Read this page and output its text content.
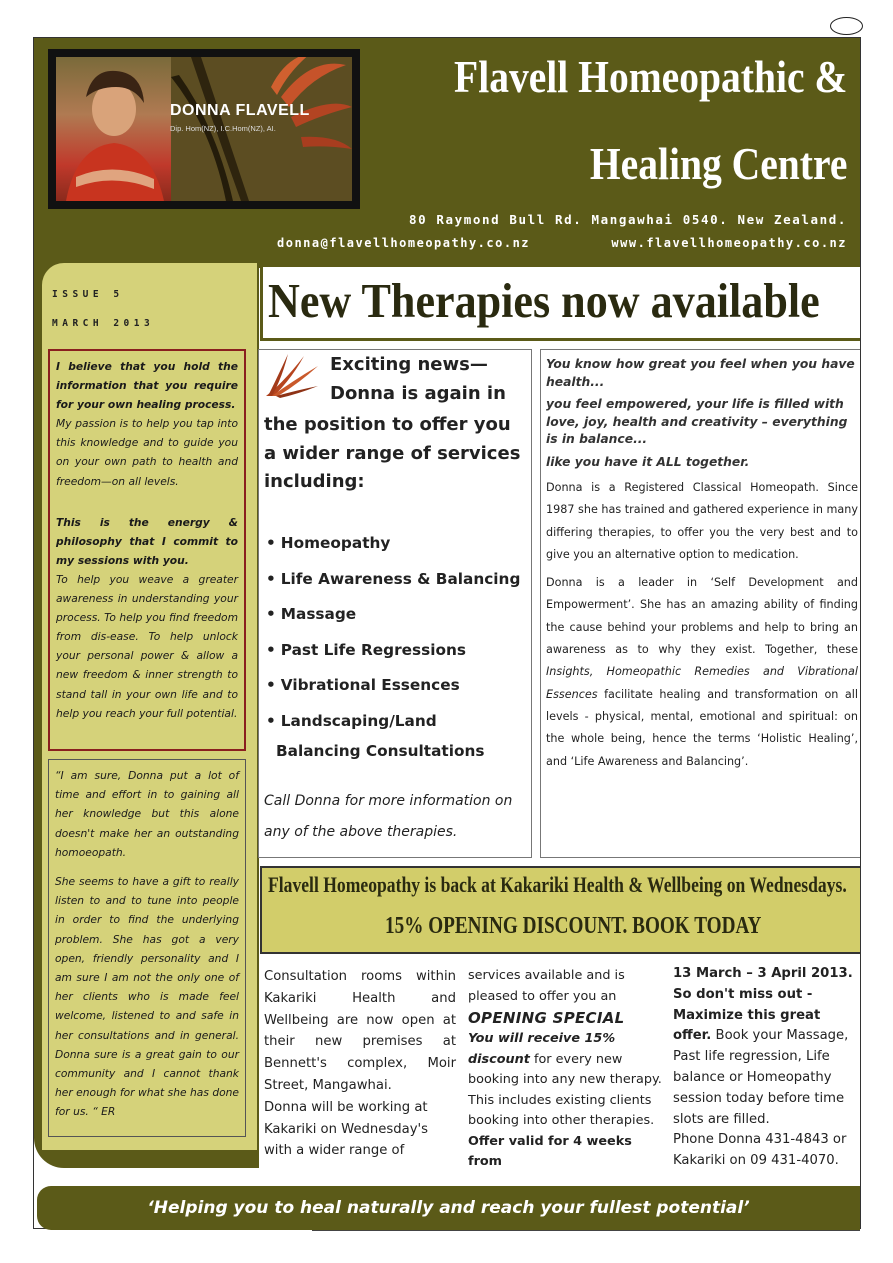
DONNA FLAVELL
Dip. Hom(NZ), I.C.Hom(NZ), AI.
Flavell Homeopathic &
Healing Centre
80 Raymond Bull Rd. Mangawhai 0540. New Zealand.
donna@flavellhomeopathy.co.nz	www.flavellhomeopathy.co.nz
ISSUE 5
MARCH 2013

I believe that you hold the information that you require for your own healing process.

My passion is to help you tap into this knowledge and to guide you on your own path to health and freedom—on all levels.

This is the energy & philosophy that I commit to my sessions with you.

To help you weave a greater awareness in understanding your process. To help you find freedom from dis-ease. To help unlock your personal power & allow a new freedom & inner strength to stand tall in your own life and to help you reach your full potential.

“I am sure, Donna put a lot of time and effort in to gaining all her knowledge but this alone doesn't make her an outstanding homoeopath.

She seems to have a gift to really listen to and to tune into people in order to find the underlying problem. She has got a very open, friendly personality and I am sure I am not the only one of her clients who is made feel welcome, listened to and safe in her consultations and in general. Donna sure is a great gain to our community and I cannot thank her enough for what she has done for us. “ ER

New Therapies now available
Exciting news—
Donna is again in
the position to offer you a wider range of services including:
• Homeopathy
• Life Awareness & Balancing
• Massage
• Past Life Regressions
• Vibrational Essences
• Landscaping/Land
Balancing Consultations
Call Donna for more information on any of the above therapies.

You know how great you feel when you have health...

you feel empowered, your life is filled with love, joy, health and creativity – everything is in balance...

like you have it ALL together.

Donna is a Registered Classical Homeopath. Since 1987 she has trained and gathered experience in many differing therapies, to offer you the very best and to give you an alternative option to medication.

Donna is a leader in ‘Self Development and Empowerment’. She has an amazing ability of finding the cause behind your problems and help to bring an awareness as to why they exist. Together, these Insights, Homeopathic Remedies and Vibrational Essences facilitate healing and transformation on all levels - physical, mental, emotional and spiritual: on the whole being, hence the terms ‘Holistic Healing’, and ‘Life Awareness and Balancing’.

Flavell Homeopathy is back at Kakariki Health & Wellbeing on Wednesdays.
15% OPENING DISCOUNT. BOOK TODAY

Consultation rooms within Kakariki Health and Wellbeing are now open at their new premises at Bennett's complex, Moir Street, Mangawhai.

Donna will be working at Kakariki on Wednesday's with a wider range of

services available and is pleased to offer you an

OPENING SPECIAL

You will receive 15% discount for every new booking into any new therapy. This includes existing clients booking into other therapies. Offer valid for 4 weeks from

13 March – 3 April 2013. So don't miss out - Maximize this great offer. Book your Massage, Past life regression, Life balance or Homeopathy session today before time slots are filled.

Phone Donna 431-4843 or Kakariki on 09 431-4070.

‘Helping you to heal naturally and reach your fullest potential’
